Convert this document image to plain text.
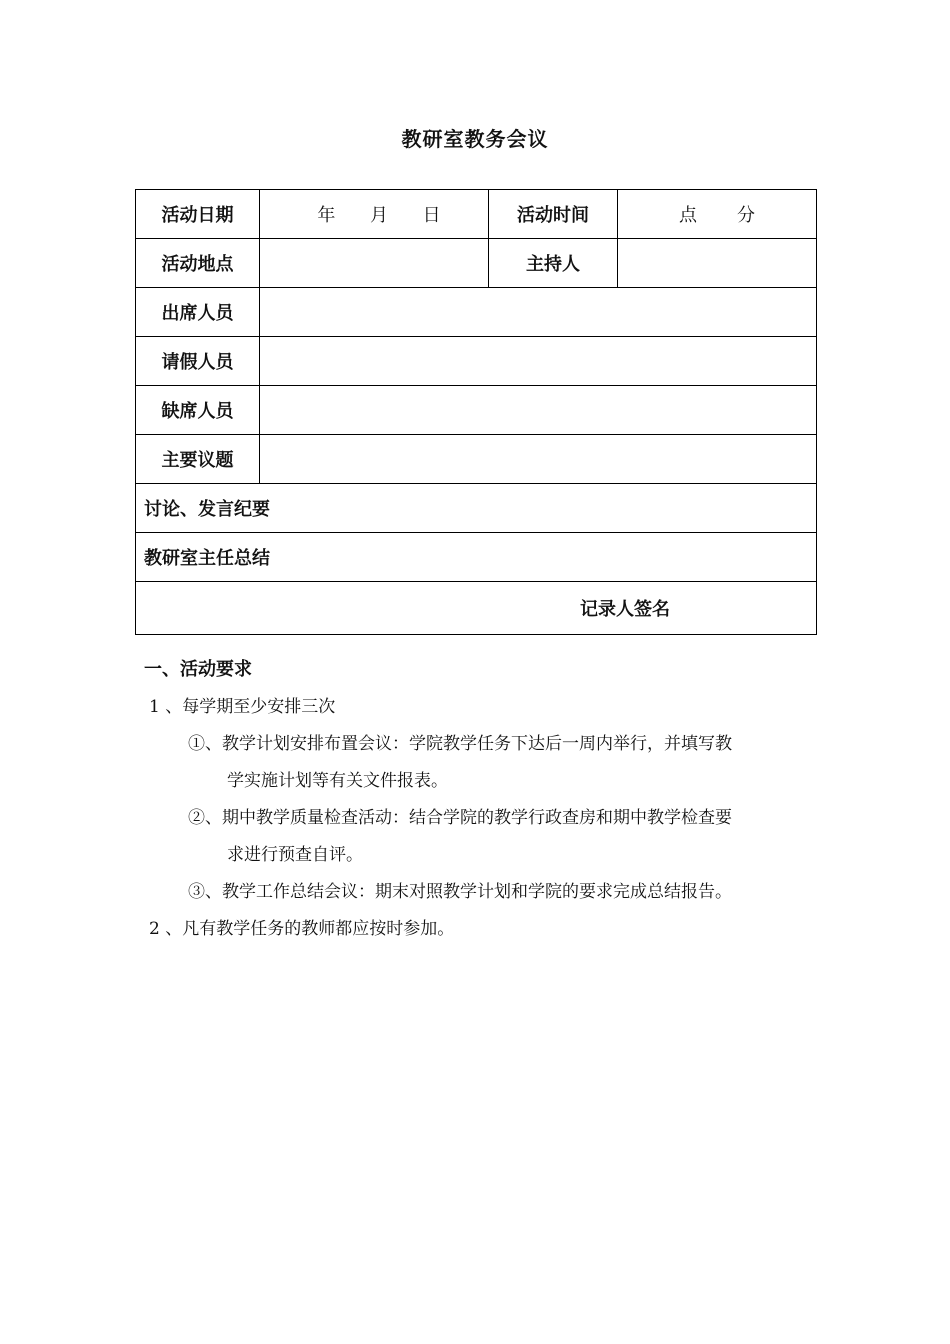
教研室教务会议
活动日期	年 月 日	活动时间	点 分

活动地点		主持人	
出席人员			
请假人员			
缺席人员			
主要议题			
讨论、发言纪要			
教研室主任总结			
记录人签名			

一、活动要求

1 、每学期至少安排三次

①、教学计划安排布置会议：学院教学任务下达后一周内举行，并填写教
学实施计划等有关文件报表。
②、期中教学质量检查活动：结合学院的教学行政查房和期中教学检查要
求进行预查自评。
③、教学工作总结会议：期末对照教学计划和学院的要求完成总结报告。

2 、凡有教学任务的教师都应按时参加。
